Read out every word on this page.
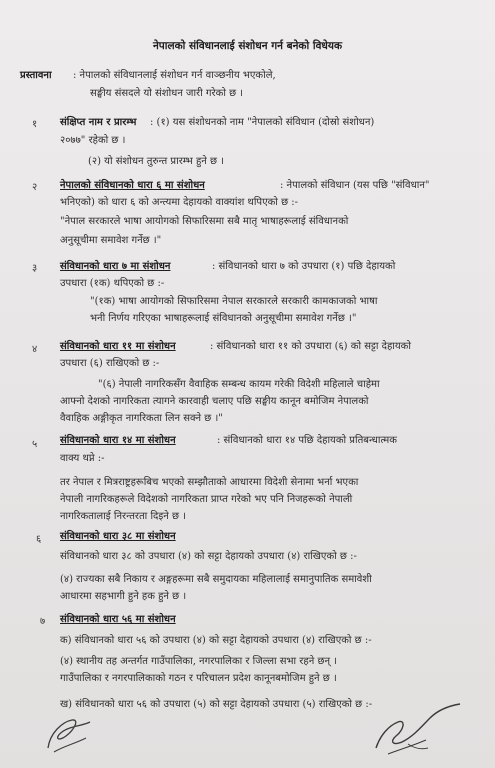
नेपालको संविधानलाई संशोधन गर्न बनेको विधेयक
प्रस्तावना : नेपालको संविधानलाई संशोधन गर्न वाञ्छनीय भएकोले,
सङ्घीय संसदले यो संशोधन जारी गरेको छ ।
१ संक्षिप्त नाम र प्रारम्भ : (१) यस संशोधनको नाम "नेपालको संविधान (दोस्रो संशोधन)
२०७७" रहेको छ ।
(२) यो संशोधन तुरुन्त प्रारम्भ हुने छ ।
२ नेपालको संविधानको धारा ६ मा संशोधन	: नेपालको संविधान (यस पछि "संविधान"
भनिएको) को धारा ६ को अन्त्यमा देहायको वाक्यांश थपिएको छ :-
"नेपाल सरकारले भाषा आयोगको सिफारिसमा सबै मातृ भाषाहरूलाई संविधानको
अनुसूचीमा समावेश गर्नेछ ।"
३ संविधानको धारा ७ मा संशोधन	: संविधानको धारा ७ को उपधारा (१) पछि देहायको
उपधारा (१क) थपिएको छ :-
"(१क) भाषा आयोगको सिफारिसमा नेपाल सरकारले सरकारी कामकाजको भाषा
भनी निर्णय गरिएका भाषाहरूलाई संविधानको अनुसूचीमा समावेश गर्नेछ ।"
४ संविधानको धारा ११ मा संशोधन	: संविधानको धारा ११ को उपधारा (६) को सट्टा देहायको
उपधारा (६) राखिएको छ :-
"(६) नेपाली नागरिकसँग वैवाहिक सम्बन्ध कायम गरेकी विदेशी महिलाले चाहेमा
आफ्नो देशको नागरिकता त्यागने कारवाही चलाए पछि सङ्घीय कानून बमोजिम नेपालको
वैवाहिक अङ्गीकृत नागरिकता लिन सक्ने छ ।"
५ संविधानको धारा १४ मा संशोधन	: संविधानको धारा १४ पछि देहायको प्रतिबन्धात्मक
वाक्य थप्ने :-
तर नेपाल र मित्रराष्ट्रहरूबिच भएको सम्झौताको आधारमा विदेशी सेनामा भर्ना भएका
नेपाली नागरिकहरूले विदेशको नागरिकता प्राप्त गरेको भए पनि निजहरूको नेपाली
नागरिकतालाई निरन्तरता दिइने छ ।
६ संविधानको धारा ३८ मा संशोधन
संविधानको धारा ३८ को उपधारा (४) को सट्टा देहायको उपधारा (४) राखिएको छ :-
(४) राज्यका सबै निकाय र अङ्गहरूमा सबै समुदायका महिलालाई समानुपातिक समावेशी
आधारमा सहभागी हुने हक हुने छ ।
७ संविधानको धारा ५६ मा संशोधन
क) संविधानको धारा ५६ को उपधारा (४) को सट्टा देहायको उपधारा (४) राखिएको छ :-
(४) स्थानीय तह अन्तर्गत गाउँपालिका, नगरपालिका र जिल्ला सभा रहने छन् ।
गाउँपालिका र नगरपालिकाको गठन र परिचालन प्रदेश कानूनबमोजिम हुने छ ।
ख) संविधानको धारा ५६ को उपधारा (५) को सट्टा देहायको उपधारा (५) राखिएको छ :-
